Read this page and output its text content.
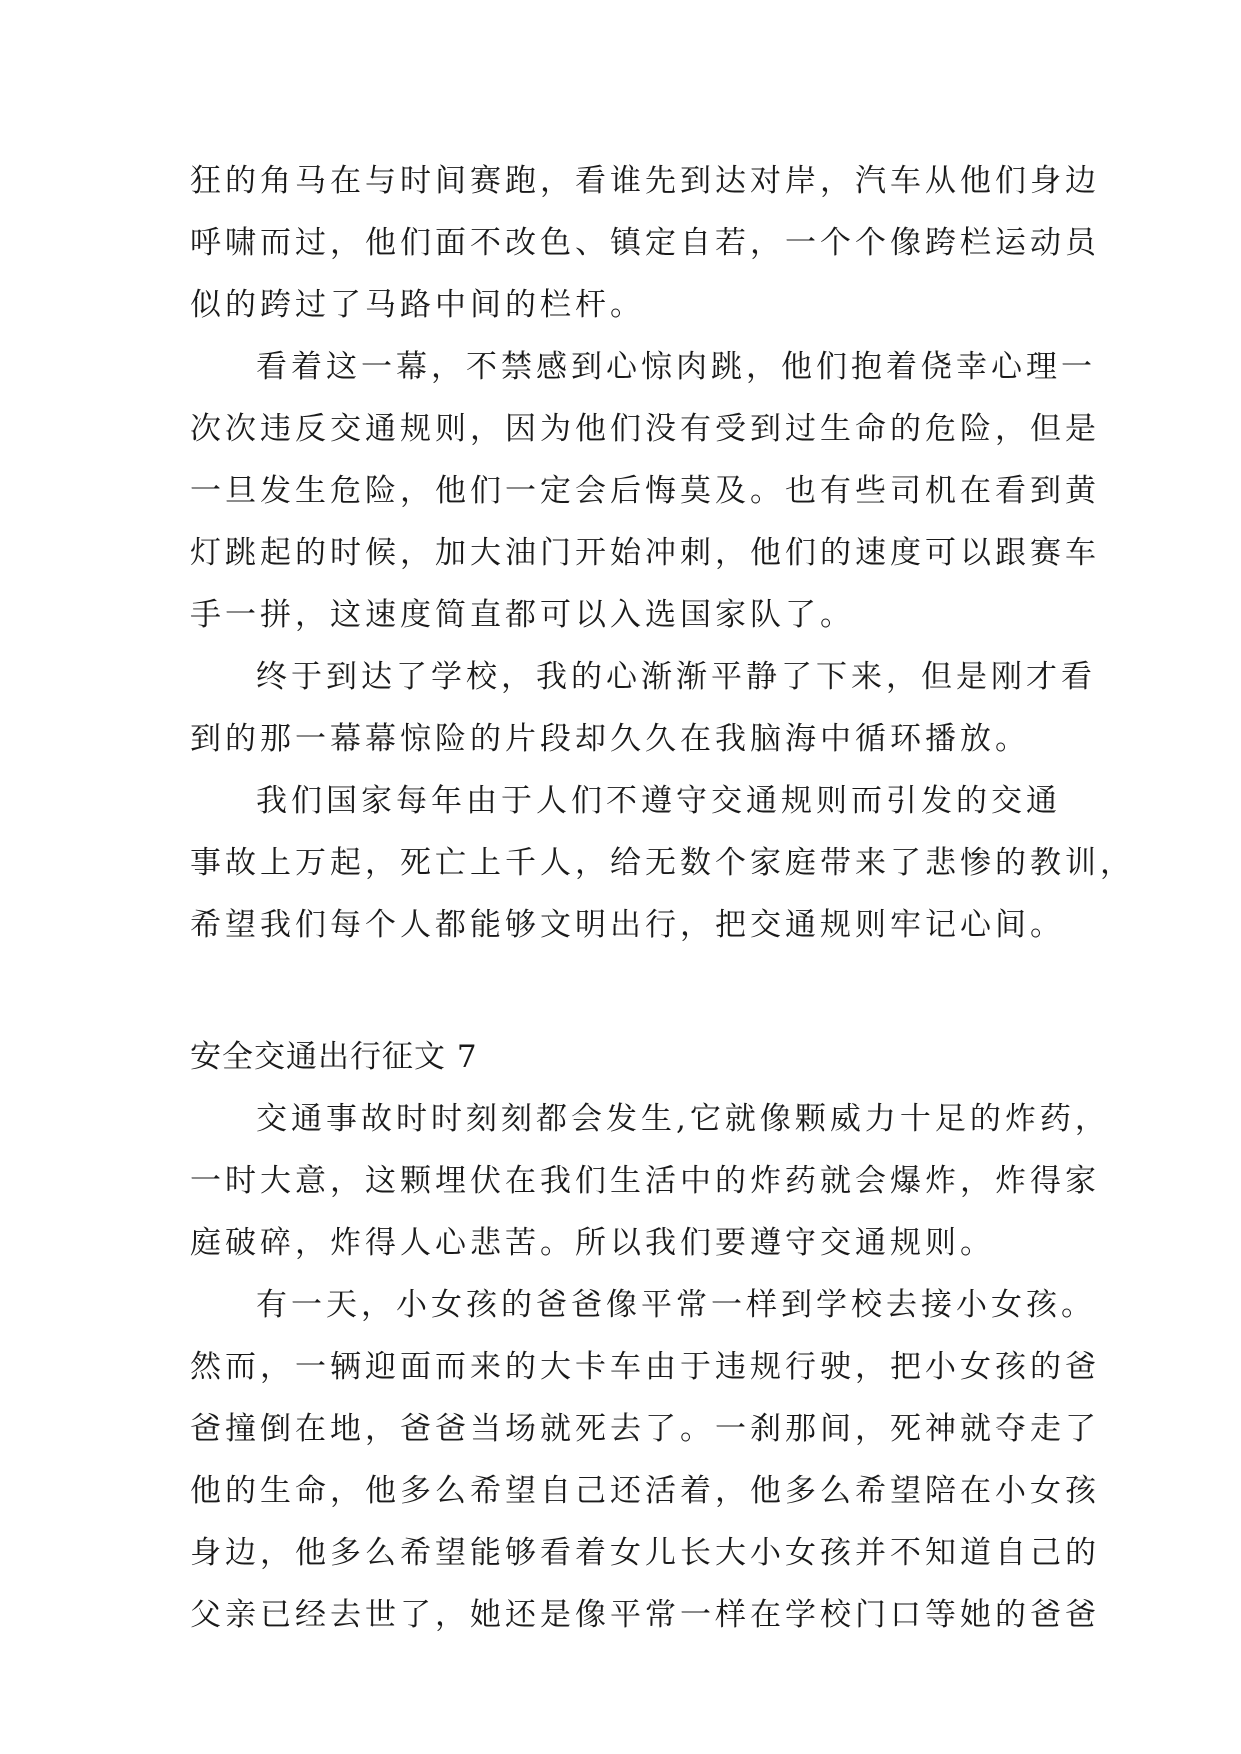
狂的角马在与时间赛跑，看谁先到达对岸，汽车从他们身边
呼啸而过，他们面不改色、镇定自若，一个个像跨栏运动员
似的跨过了马路中间的栏杆。
看着这一幕，不禁感到心惊肉跳，他们抱着侥幸心理一
次次违反交通规则，因为他们没有受到过生命的危险，但是
一旦发生危险，他们一定会后悔莫及。也有些司机在看到黄
灯跳起的时候，加大油门开始冲刺，他们的速度可以跟赛车
手一拼，这速度简直都可以入选国家队了。
终于到达了学校，我的心渐渐平静了下来，但是刚才看
到的那一幕幕惊险的片段却久久在我脑海中循环播放。
我们国家每年由于人们不遵守交通规则而引发的交通
事故上万起，死亡上千人，给无数个家庭带来了悲惨的教训，
希望我们每个人都能够文明出行，把交通规则牢记心间。
安全交通出行征文 7
交通事故时时刻刻都会发生,它就像颗威力十足的炸药，
一时大意，这颗埋伏在我们生活中的炸药就会爆炸，炸得家
庭破碎，炸得人心悲苦。所以我们要遵守交通规则。
有一天，小女孩的爸爸像平常一样到学校去接小女孩。
然而，一辆迎面而来的大卡车由于违规行驶，把小女孩的爸
爸撞倒在地，爸爸当场就死去了。一刹那间，死神就夺走了
他的生命，他多么希望自己还活着，他多么希望陪在小女孩
身边，他多么希望能够看着女儿长大小女孩并不知道自己的
父亲已经去世了，她还是像平常一样在学校门口等她的爸爸
